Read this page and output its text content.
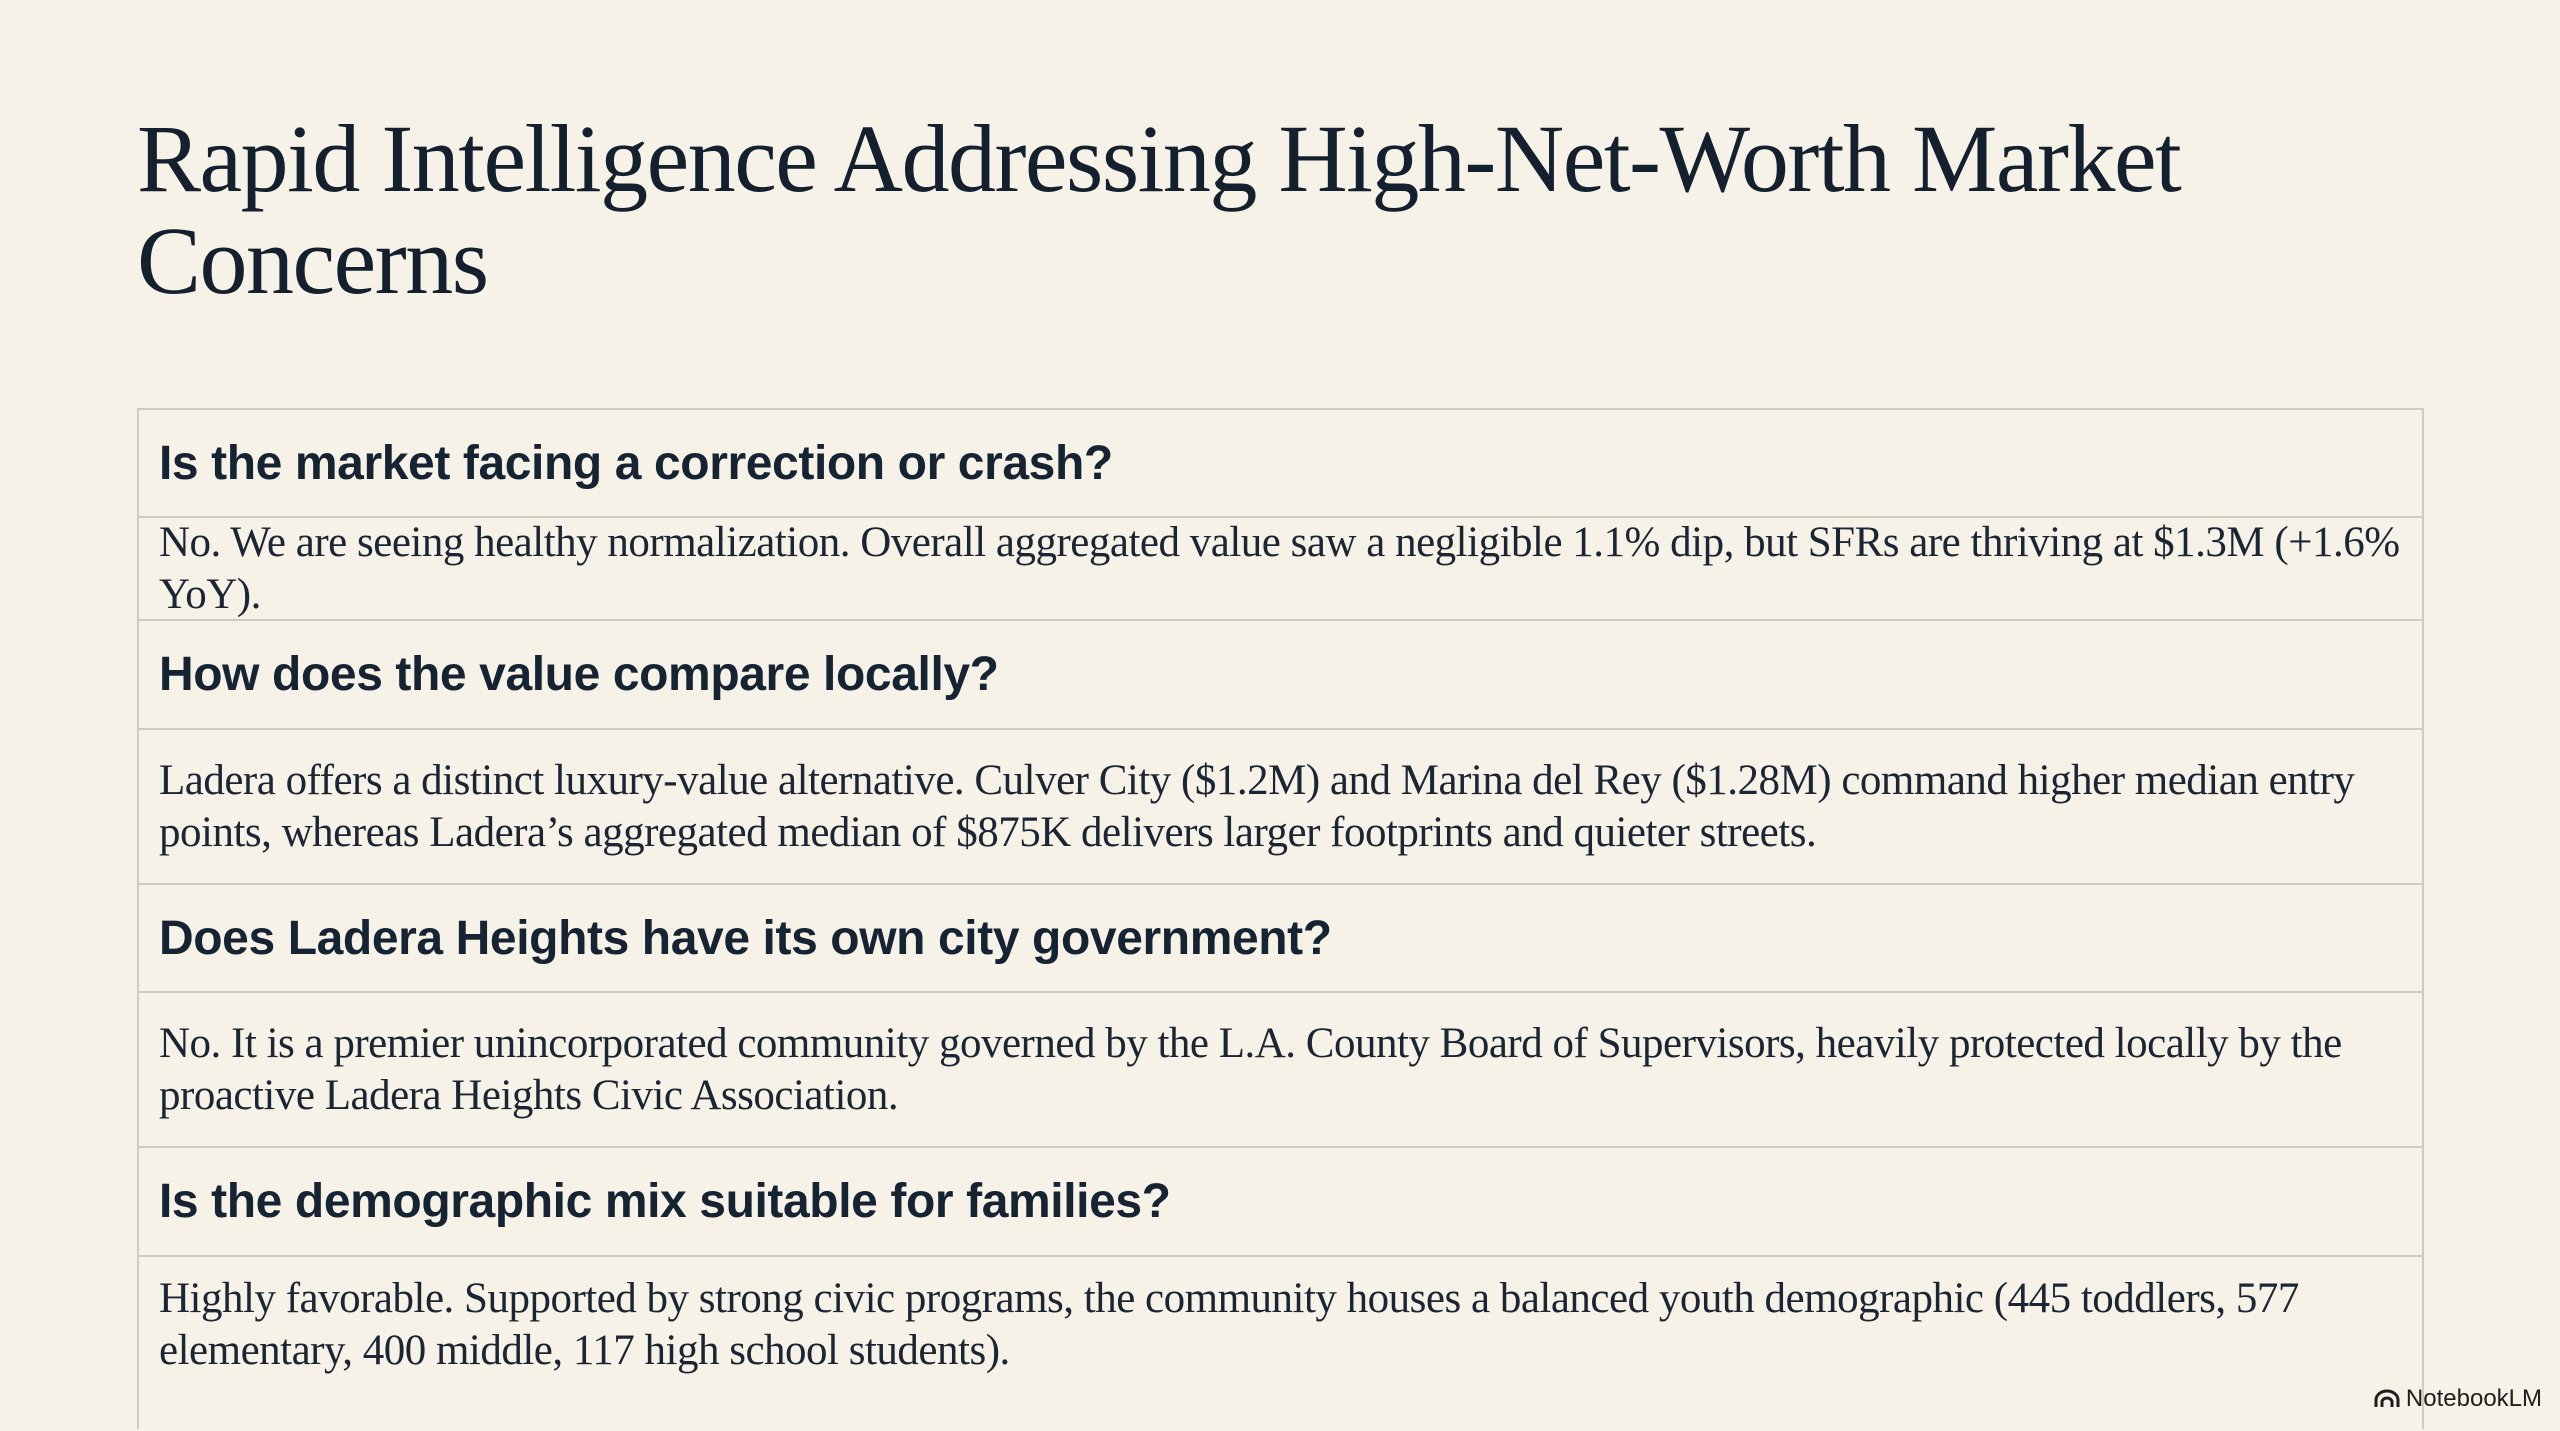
Rapid Intelligence Addressing High-Net-Worth Market Concerns
Is the market facing a correction or crash?
No. We are seeing healthy normalization. Overall aggregated value saw a negligible 1.1% dip, but SFRs are thriving at $1.3M (+1.6% YoY).
How does the value compare locally?
Ladera offers a distinct luxury-value alternative. Culver City ($1.2M) and Marina del Rey ($1.28M) command higher median entry points, whereas Ladera’s aggregated median of $875K delivers larger footprints and quieter streets.
Does Ladera Heights have its own city government?
No. It is a premier unincorporated community governed by the L.A. County Board of Supervisors, heavily protected locally by the proactive Ladera Heights Civic Association.
Is the demographic mix suitable for families?
Highly favorable. Supported by strong civic programs, the community houses a balanced youth demographic (445 toddlers, 577 elementary, 400 middle, 117 high school students).
NotebookLM
